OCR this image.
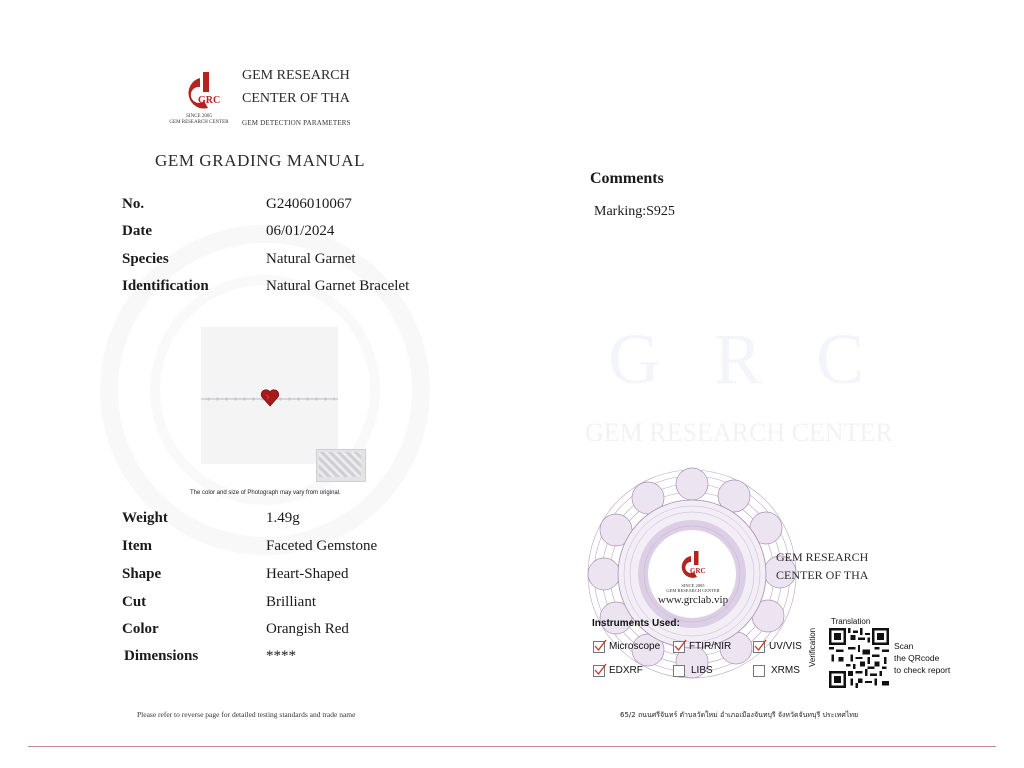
G R C
GEM RESEARCH CENTER
GRC
SINCE 2005
GEM RESEARCH CENTER
GEM RESEARCH
CENTER OF THA
GEM DETECTION PARAMETERS
GEM GRADING MANUAL
No.	G2406010067
Date	06/01/2024
Species	Natural Garnet
Identification	Natural Garnet Bracelet
The color and size of Photograph may vary from original.
Weight	1.49g
Item	Faceted Gemstone
Shape	Heart-Shaped
Cut	Brilliant
Color	Orangish Red
Dimensions	****
Comments
Marking:S925
GRC
SINCE 2005
GEM RESEARCH CENTER
www.grclab.vip
GEM RESEARCH
CENTER OF THA
Instruments Used:
Microscope	FTIR/NIR	UV/VIS
EDXRF	LIBS	XRMS
Translation
Verification	Scan
the QRcode
to check report
Please refer to reverse page for detailed testing standards and trade name	65/2 ถนนศรีจันทร์ ตำบลวัดใหม่ อำเภอเมืองจันทบุรี จังหวัดจันทบุรี ประเทศไทย
